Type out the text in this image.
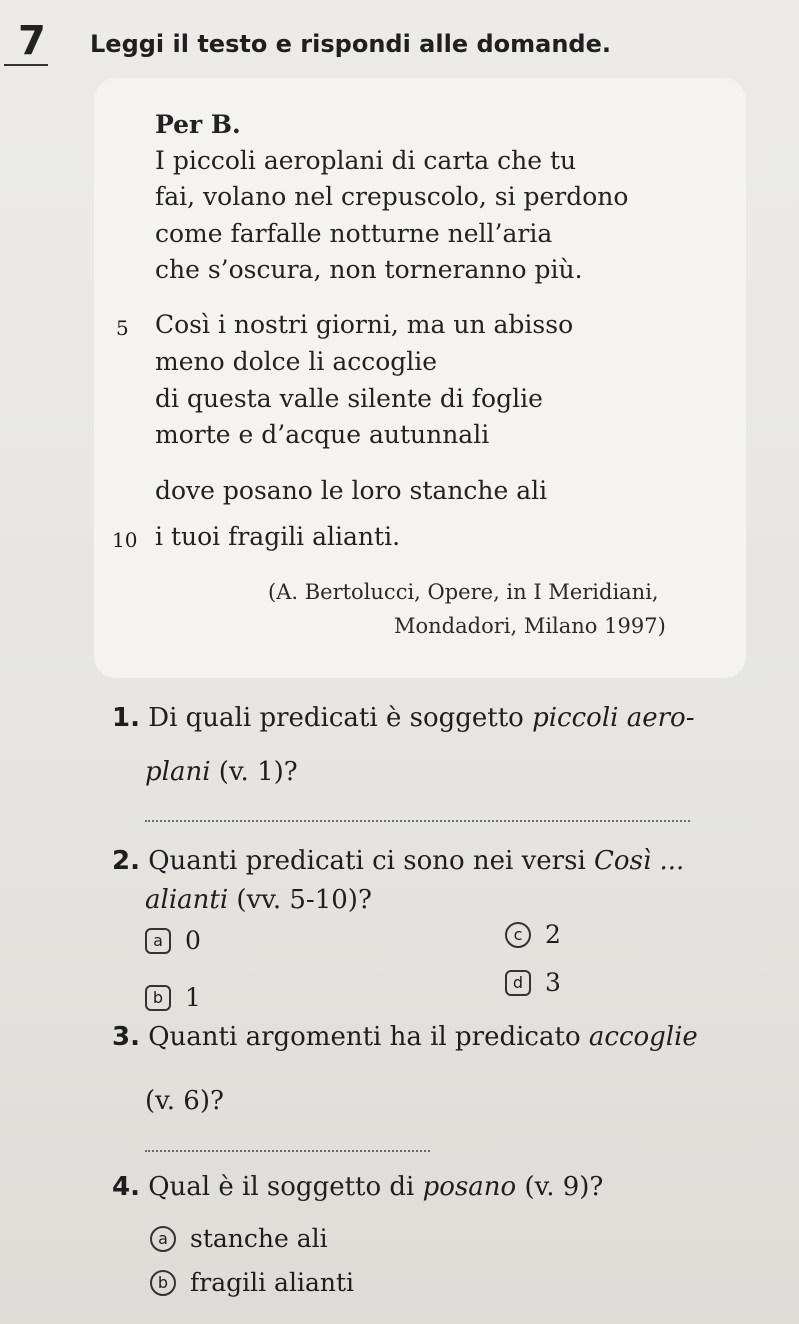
7 Leggi il testo e rispondi alle domande.
Per B.
I piccoli aeroplani di carta che tu
fai, volano nel crepuscolo, si perdono
come farfalle notturne nell’aria
che s’oscura, non torneranno più.
5 Così i nostri giorni, ma un abisso
meno dolce li accoglie
di questa valle silente di foglie
morte e d’acque autunnali
dove posano le loro stanche ali
10 i tuoi fragili alianti.
(A. Bertolucci, Opere, in I Meridiani,
Mondadori, Milano 1997)
1. Di quali predicati è soggetto piccoli aero-
plani (v. 1)?
2. Quanti predicati ci sono nei versi Così ...
alianti (vv. 5-10)?
a 0
b 1
c 2
d 3
3. Quanti argomenti ha il predicato accoglie
(v. 6)?
4. Qual è il soggetto di posano (v. 9)?
a stanche ali
b fragili alianti
